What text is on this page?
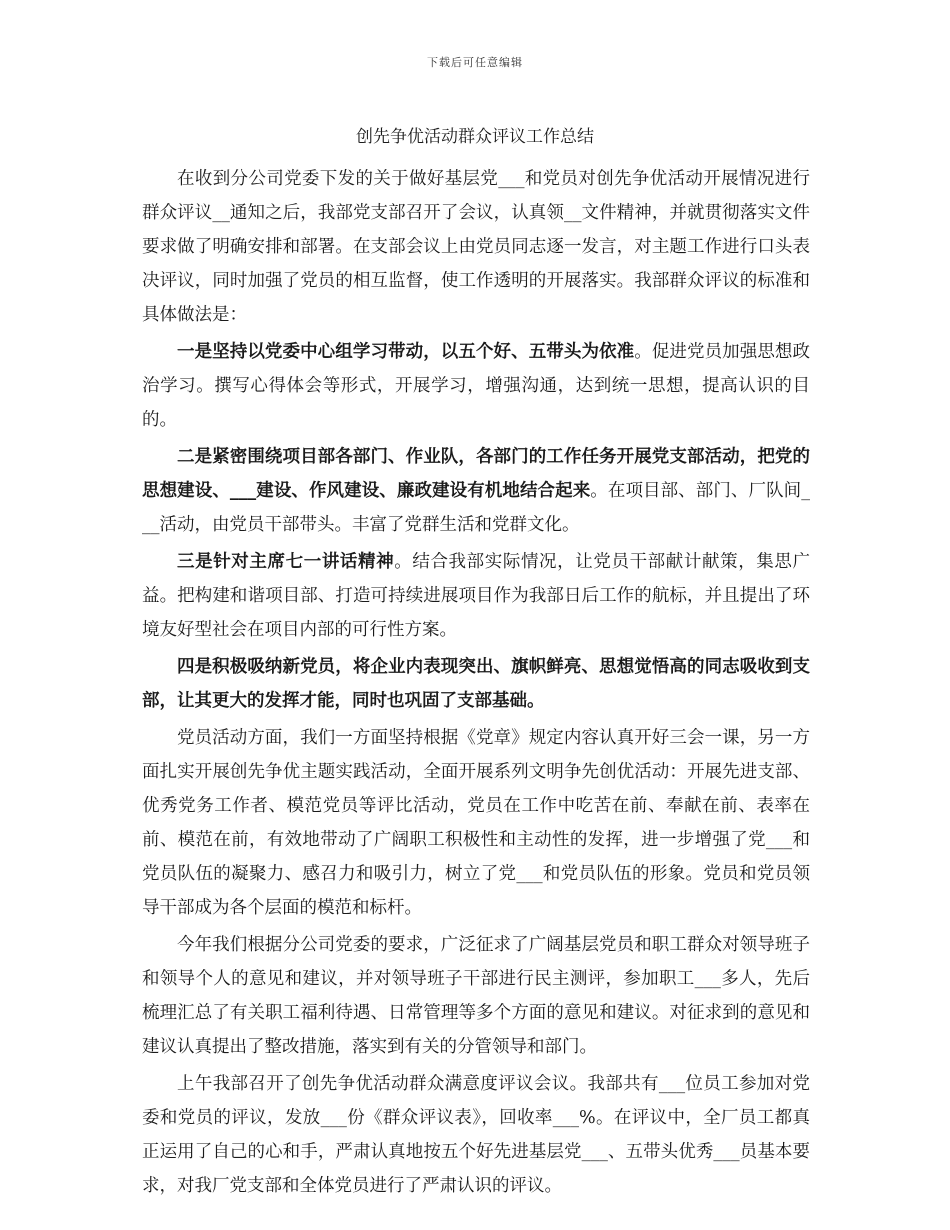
下载后可任意编辑
创先争优活动群众评议工作总结

在收到分公司党委下发的关于做好基层党___和党员对创先争优活动开展情况进行群众评议__通知之后，我部党支部召开了会议，认真领__文件精神，并就贯彻落实文件要求做了明确安排和部署。在支部会议上由党员同志逐一发言，对主题工作进行口头表决评议，同时加强了党员的相互监督，使工作透明的开展落实。我部群众评议的标准和具体做法是：

一是坚持以党委中心组学习带动，以五个好、五带头为依准。促进党员加强思想政治学习。撰写心得体会等形式，开展学习，增强沟通，达到统一思想，提高认识的目的。

二是紧密围绕项目部各部门、作业队，各部门的工作任务开展党支部活动，把党的思想建设、___建设、作风建设、廉政建设有机地结合起来。在项目部、部门、厂队间___活动，由党员干部带头。丰富了党群生活和党群文化。

三是针对主席七一讲话精神。结合我部实际情况，让党员干部献计献策，集思广益。把构建和谐项目部、打造可持续进展项目作为我部日后工作的航标，并且提出了环境友好型社会在项目内部的可行性方案。

四是积极吸纳新党员，将企业内表现突出、旗帜鲜亮、思想觉悟高的同志吸收到支部，让其更大的发挥才能，同时也巩固了支部基础。

党员活动方面，我们一方面坚持根据《党章》规定内容认真开好三会一课，另一方面扎实开展创先争优主题实践活动，全面开展系列文明争先创优活动：开展先进支部、优秀党务工作者、模范党员等评比活动，党员在工作中吃苦在前、奉献在前、表率在前、模范在前，有效地带动了广阔职工积极性和主动性的发挥，进一步增强了党___和党员队伍的凝聚力、感召力和吸引力，树立了党___和党员队伍的形象。党员和党员领导干部成为各个层面的模范和标杆。

今年我们根据分公司党委的要求，广泛征求了广阔基层党员和职工群众对领导班子和领导个人的意见和建议，并对领导班子干部进行民主测评，参加职工___多人，先后梳理汇总了有关职工福利待遇、日常管理等多个方面的意见和建议。对征求到的意见和建议认真提出了整改措施，落实到有关的分管领导和部门。

上午我部召开了创先争优活动群众满意度评议会议。我部共有___位员工参加对党委和党员的评议，发放___份《群众评议表》，回收率___%。在评议中，全厂员工都真正运用了自己的心和手，严肃认真地按五个好先进基层党___、五带头优秀___员基本要求，对我厂党支部和全体党员进行了严肃认识的评议。
